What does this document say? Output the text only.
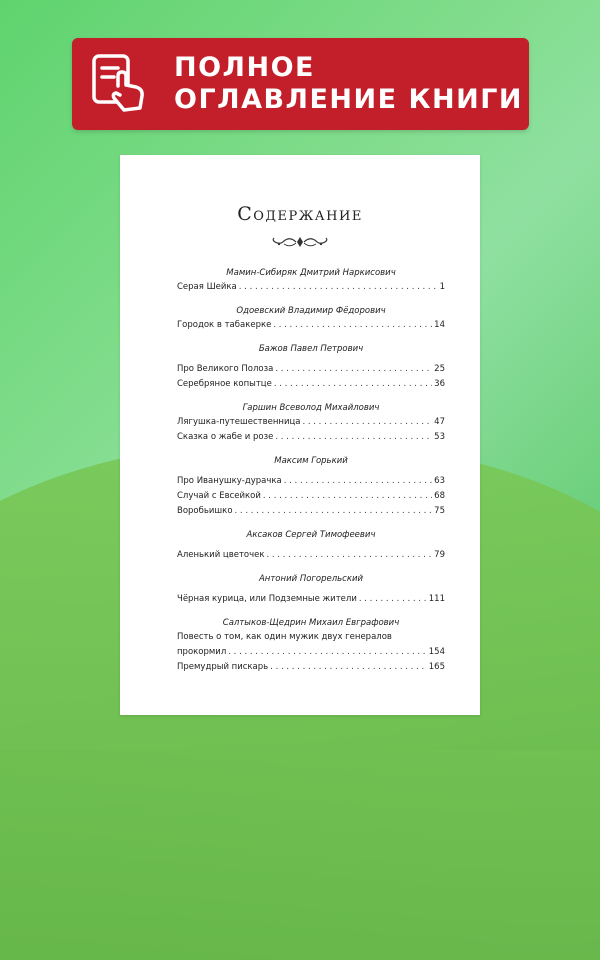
ПОЛНОЕ
ОГЛАВЛЕНИЕ КНИГИ
Содержание
Мамин-Сибиряк Дмитрий Наркисович
Серая Шейка . . .	1
Одоевский Владимир Фёдорович
Городок в табакерке . . .	14
Бажов Павел Петрович
Про Великого Полоза . . .	25
Серебряное копытце . . .	36
Гаршин Всеволод Михайлович
Лягушка-путешественница . . .	47
Сказка о жабе и розе . . .	53
Максим Горький
Про Иванушку-дурачка . . .	63
Случай с Евсейкой . . .	68
Воробьишко . . .	75
Аксаков Сергей Тимофеевич
Аленький цветочек . . .	79
Антоний Погорельский
Чёрная курица, или Подземные жители . . .	111
Салтыков-Щедрин Михаил Евграфович
Повесть о том, как один мужик двух генералов
прокормил . . .	154
Премудрый пискарь . . .	165
